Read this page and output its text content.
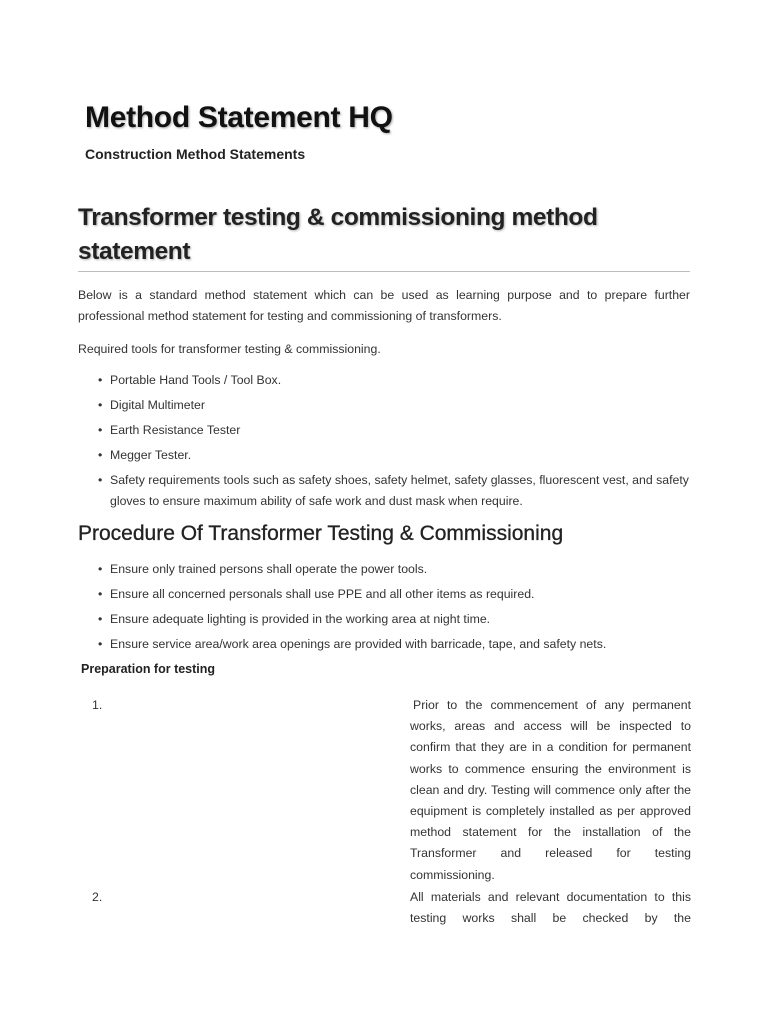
Method Statement HQ
Construction Method Statements
Transformer testing & commissioning method statement

Below is a standard method statement which can be used as learning purpose and to prepare further professional method statement for testing and commissioning of transformers.

Required tools for transformer testing & commissioning.

• Portable Hand Tools / Tool Box.
• Digital Multimeter
• Earth Resistance Tester
• Megger Tester.
• Safety requirements tools such as safety shoes, safety helmet, safety glasses, fluorescent vest, and safety gloves to ensure maximum ability of safe work and dust mask when require.
Procedure Of Transformer Testing & Commissioning
• Ensure only trained persons shall operate the power tools.
• Ensure all concerned personals shall use PPE and all other items as required.
• Ensure adequate lighting is provided in the working area at night time.
• Ensure service area/work area openings are provided with barricade, tape, and safety nets.
Preparation for testing
1.	Prior to the commencement of any permanent works, areas and access will be inspected to confirm that they are in a condition for permanent works to commence ensuring the environment is clean and dry. Testing will commence only after the equipment is completely installed as per approved method statement for the installation of the Transformer and released for testing commissioning.

2.	All materials and relevant documentation to this testing works shall be checked by the
